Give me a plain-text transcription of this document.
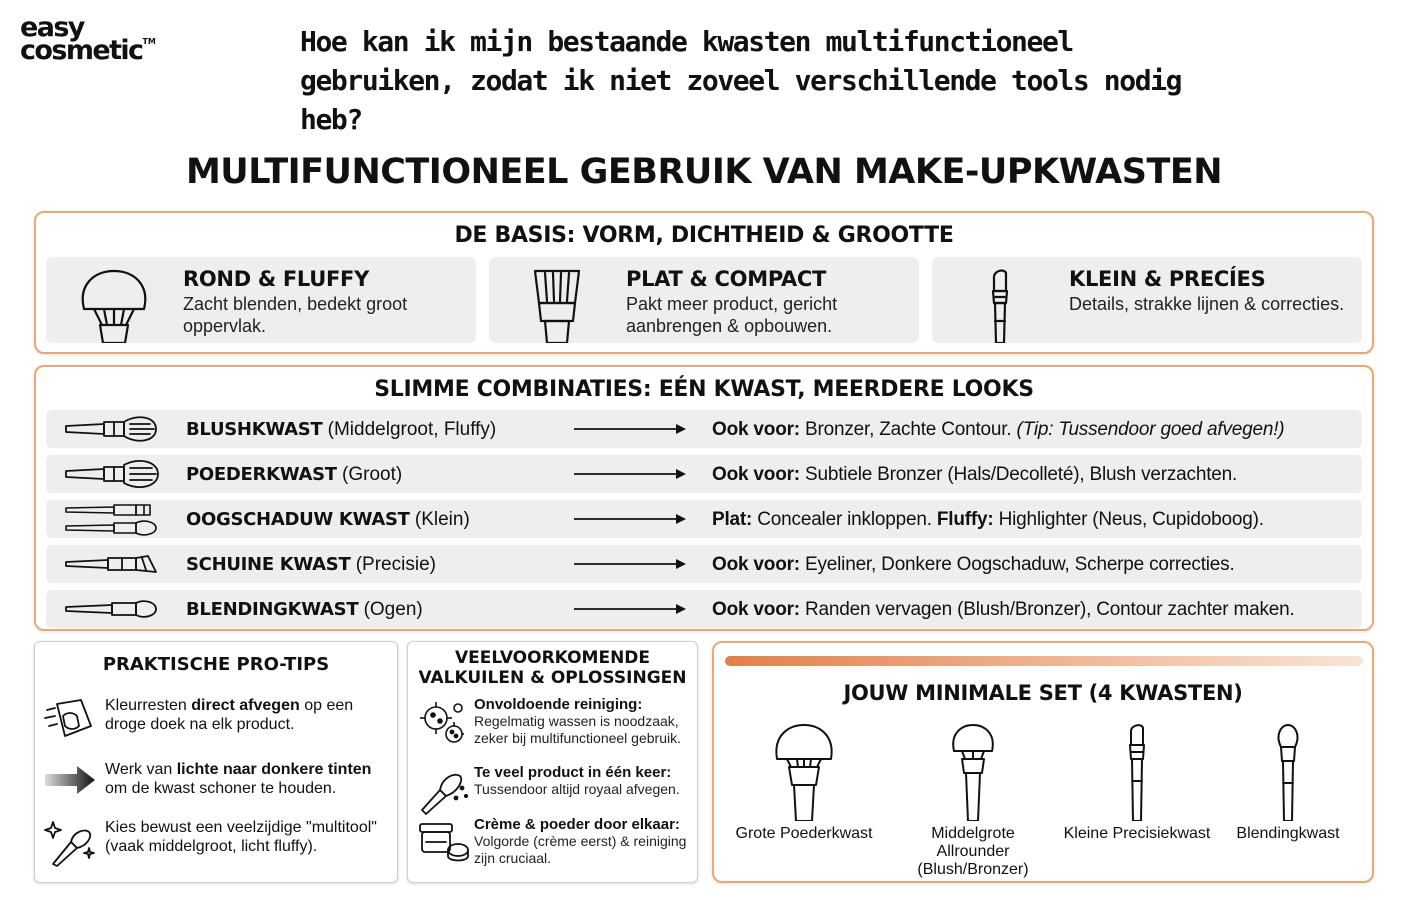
easy
cosmetic™	Hoe kan ik mijn bestaande kwasten multifunctioneel gebruiken, zodat ik niet zoveel verschillende tools nodig heb?
MULTIFUNCTIONEEL GEBRUIK VAN MAKE-UPKWASTEN
DE BASIS: VORM, DICHTHEID & GROOTTE
ROND & FLUFFY
Zacht blenden, bedekt groot oppervlak.
PLAT & COMPACT
Pakt meer product, gericht aanbrengen & opbouwen.
KLEIN & PRECÍES
Details, strakke lijnen & correcties.
SLIMME COMBINATIES: EÉN KWAST, MEERDERE LOOKS
BLUSHKWAST (Middelgroot, Fluffy)	Ook voor: Bronzer, Zachte Contour. (Tip: Tussendoor goed afvegen!)
POEDERKWAST (Groot)	Ook voor: Subtiele Bronzer (Hals/Decolleté), Blush verzachten.
OOGSCHADUW KWAST (Klein)	Plat: Concealer inkloppen. Fluffy: Highlighter (Neus, Cupidoboog).
SCHUINE KWAST (Precisie)	Ook voor: Eyeliner, Donkere Oogschaduw, Scherpe correcties.
BLENDINGKWAST (Ogen)	Ook voor: Randen vervagen (Blush/Bronzer), Contour zachter maken.
PRAKTISCHE PRO-TIPS
Kleurresten direct afvegen op een droge doek na elk product.
Werk van lichte naar donkere tinten om de kwast schoner te houden.
Kies bewust een veelzijdige "multitool" (vaak middelgroot, licht fluffy).
VEELVOORKOMENDE VALKUILEN & OPLOSSINGEN
Onvoldoende reiniging:
Regelmatig wassen is noodzaak, zeker bij multifunctioneel gebruik.
Te veel product in één keer:
Tussendoor altijd royaal afvegen.
Crème & poeder door elkaar:
Volgorde (crème eerst) & reiniging zijn cruciaal.
JOUW MINIMALE SET (4 KWASTEN)
Grote Poederkwast	Middelgrote Allrounder (Blush/Bronzer)
Kleine Precisiekwast	Blendingkwast
